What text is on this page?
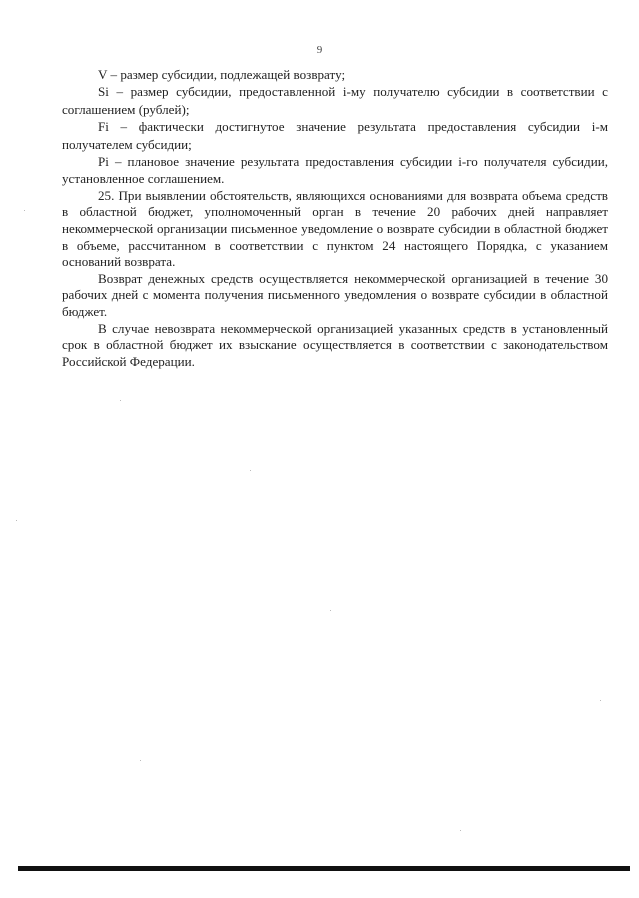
9

V – размер субсидии, подлежащей возврату;

Si – размер субсидии, предоставленной i-му получателю субсидии в соответствии с соглашением (рублей);

Fi – фактически достигнутое значение результата предоставления субсидии i-м получателем субсидии;

Pi – плановое значение результата предоставления субсидии i-го получателя субсидии, установленное соглашением.

25. При выявлении обстоятельств, являющихся основаниями для возврата объема средств в областной бюджет, уполномоченный орган в течение 20 рабочих дней направляет некоммерческой организации письменное уведомление о возврате субсидии в областной бюджет в объеме, рассчитанном в соответствии с пунктом 24 настоящего Порядка, с указанием оснований возврата.

Возврат денежных средств осуществляется некоммерческой организацией в течение 30 рабочих дней с момента получения письменного уведомления о возврате субсидии в областной бюджет.

В случае невозврата некоммерческой организацией указанных средств в установленный срок в областной бюджет их взыскание осуществляется в соответствии с законодательством Российской Федерации.
